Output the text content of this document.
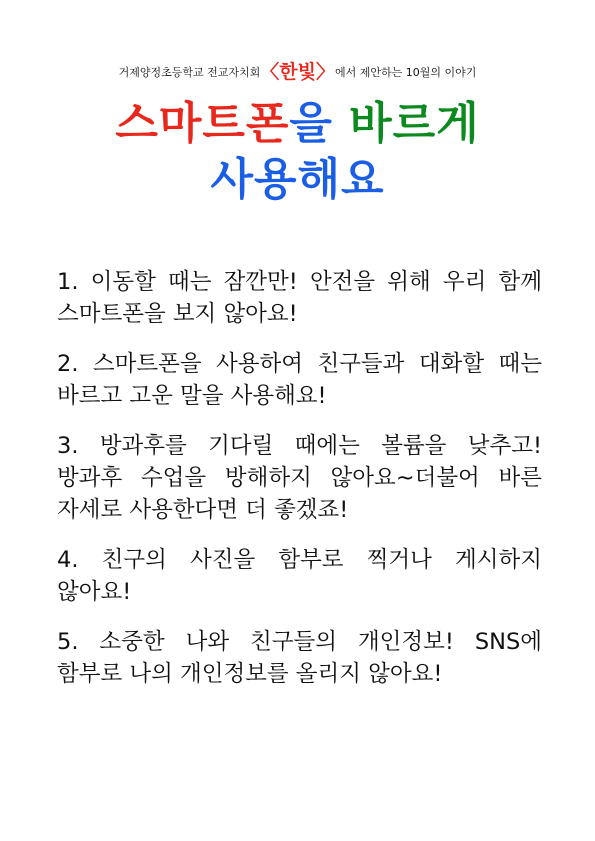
거제양정초등학교 전교자치회〈한빛〉에서 제안하는 10월의 이야기
스마트폰을 바르게
사용해요
1. 이동할 때는 잠깐만! 안전을 위해 우리 함께 스마트폰을 보지 않아요!
2. 스마트폰을 사용하여 친구들과 대화할 때는 바르고 고운 말을 사용해요!
3. 방과후를 기다릴 때에는 볼륨을 낮추고! 방과후 수업을 방해하지 않아요~더불어 바른 자세로 사용한다면 더 좋겠죠!
4. 친구의 사진을 함부로 찍거나 게시하지 않아요!
5. 소중한 나와 친구들의 개인정보! SNS에 함부로 나의 개인정보를 올리지 않아요!
